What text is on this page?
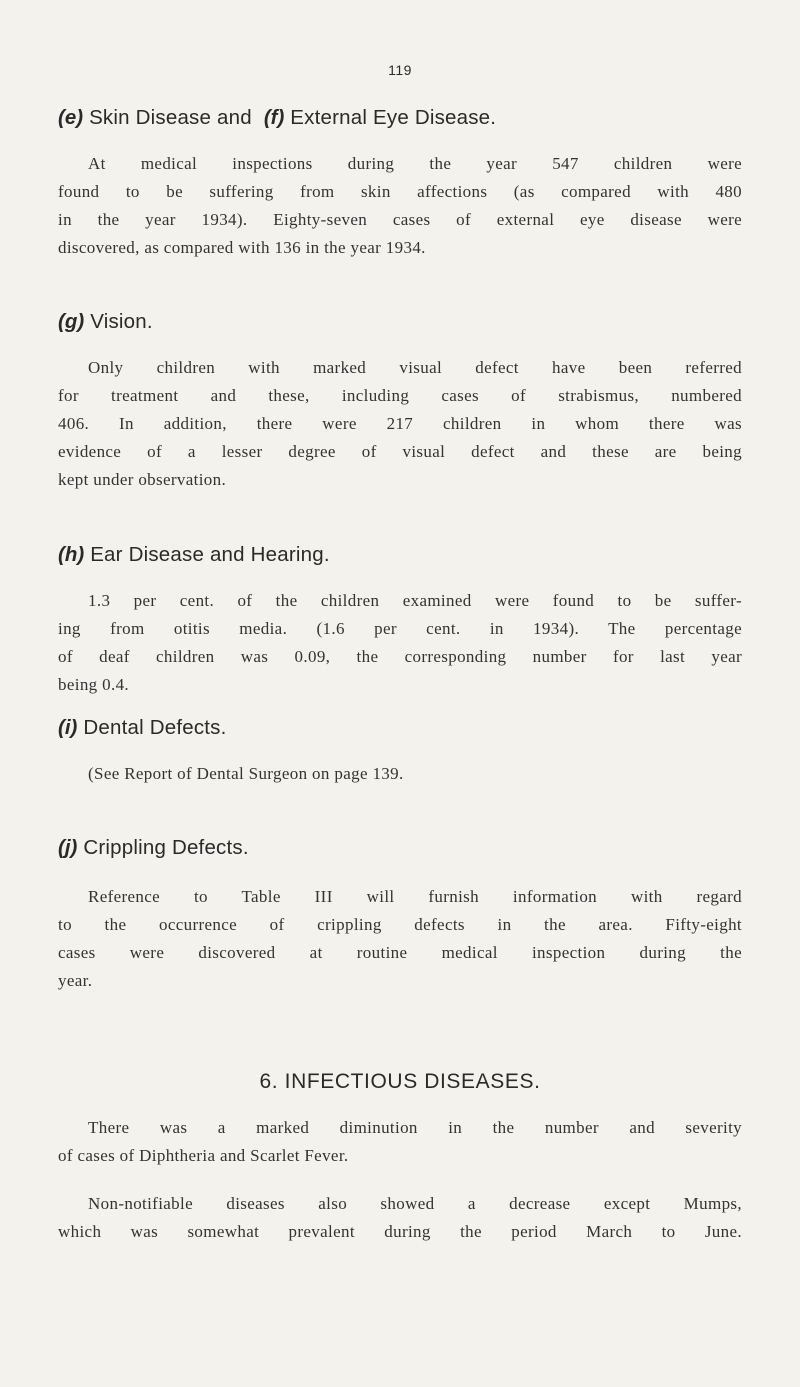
119
(e) Skin Disease and (f) External Eye Disease.
At medical inspections during the year 547 children were
found to be suffering from skin affections (as compared with 480
in the year 1934). Eighty-seven cases of external eye disease were
discovered, as compared with 136 in the year 1934.
(g) Vision.
Only children with marked visual defect have been referred
for treatment and these, including cases of strabismus, numbered
406. In addition, there were 217 children in whom there was
evidence of a lesser degree of visual defect and these are being
kept under observation.
(h) Ear Disease and Hearing.
1.3 per cent. of the children examined were found to be suffer-
ing from otitis media. (1.6 per cent. in 1934). The percentage
of deaf children was 0.09, the corresponding number for last year
being 0.4.
(i) Dental Defects.
(See Report of Dental Surgeon on page 139.
(j) Crippling Defects.
Reference to Table III will furnish information with regard
to the occurrence of crippling defects in the area. Fifty-eight
cases were discovered at routine medical inspection during the
year.
6. INFECTIOUS DISEASES.
There was a marked diminution in the number and severity
of cases of Diphtheria and Scarlet Fever.
Non-notifiable diseases also showed a decrease except Mumps,
which was somewhat prevalent during the period March to June.
